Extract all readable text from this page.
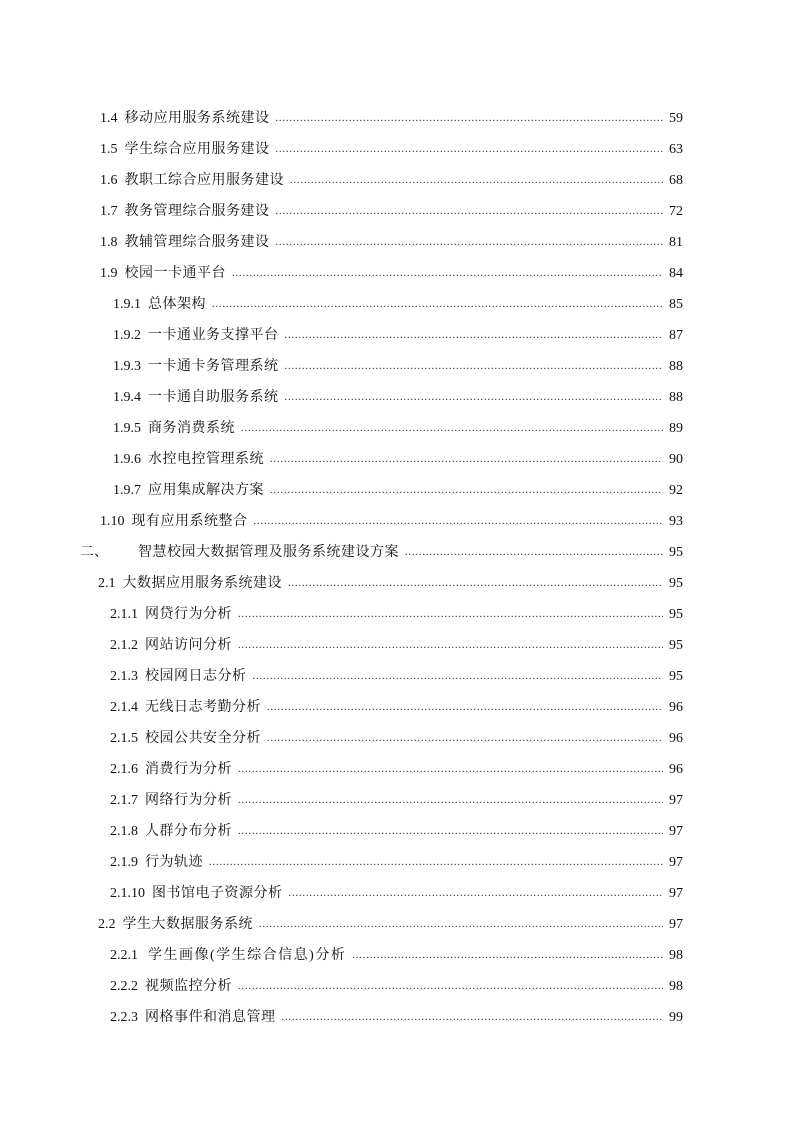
1.4 移动应用服务系统建设 .....	59
1.5 学生综合应用服务建设 .....	63
1.6 教职工综合应用服务建设 .....	68
1.7 教务管理综合服务建设 .....	72
1.8 教辅管理综合服务建设 .....	81
1.9 校园一卡通平台 .....	84
1.9.1 总体架构 .....	85
1.9.2 一卡通业务支撑平台 .....	87
1.9.3 一卡通卡务管理系统 .....	88
1.9.4 一卡通自助服务系统 .....	88
1.9.5 商务消费系统 .....	89
1.9.6 水控电控管理系统 .....	90
1.9.7 应用集成解决方案 .....	92
1.10 现有应用系统整合 .....	93
二、 智慧校园大数据管理及服务系统建设方案 .....	95
2.1 大数据应用服务系统建设 .....	95
2.1.1 网贷行为分析 .....	95
2.1.2 网站访问分析 .....	95
2.1.3 校园网日志分析 .....	95
2.1.4 无线日志考勤分析 .....	96
2.1.5 校园公共安全分析 .....	96
2.1.6 消费行为分析 .....	96
2.1.7 网络行为分析 .....	97
2.1.8 人群分布分析 .....	97
2.1.9 行为轨迹 .....	97
2.1.10 图书馆电子资源分析 .....	97
2.2 学生大数据服务系统 .....	97
2.2.1 学生画像(学生综合信息)分析 .....	98
2.2.2 视频监控分析 .....	98
2.2.3 网格事件和消息管理 .....	99
